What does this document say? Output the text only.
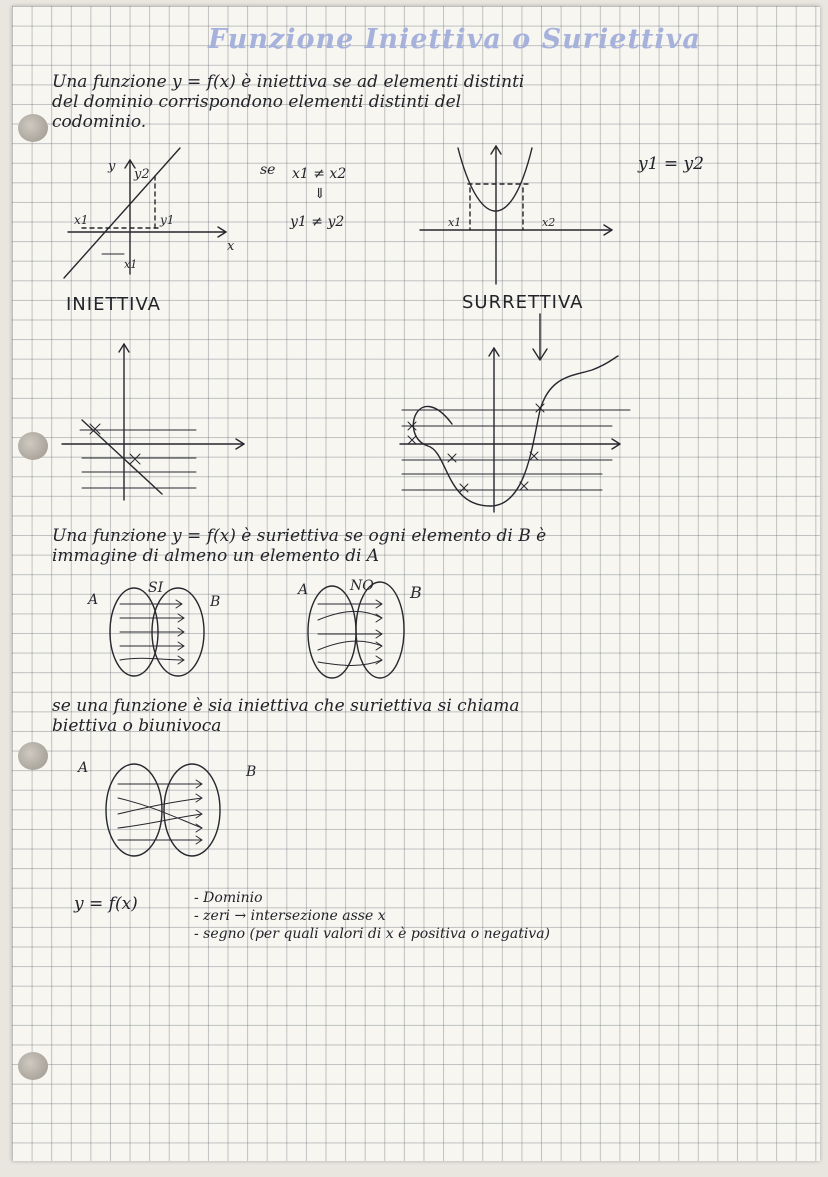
Funzione Iniettiva o Suriettiva

Una funzione y = f(x) è iniettiva se ad elementi distinti

del dominio corrispondono elementi distinti del

codominio.

y
y2
x1	y1
x
x1

se x1 ≠ x2

⇓

y1 ≠ y2	x1	x2

y1 = y2

INIETTIVA	SURRETTIVA

Una funzione y = f(x) è suriettiva se ogni elemento di B è

immagine di almeno un elemento di A

A
SI
B
A	NO B

se una funzione è sia iniettiva che suriettiva si chiama

biettiva o biunivoca

A	B

y = f(x)	- Dominio

- zeri → intersezione asse x

- segno (per quali valori di x è positiva o negativa)
